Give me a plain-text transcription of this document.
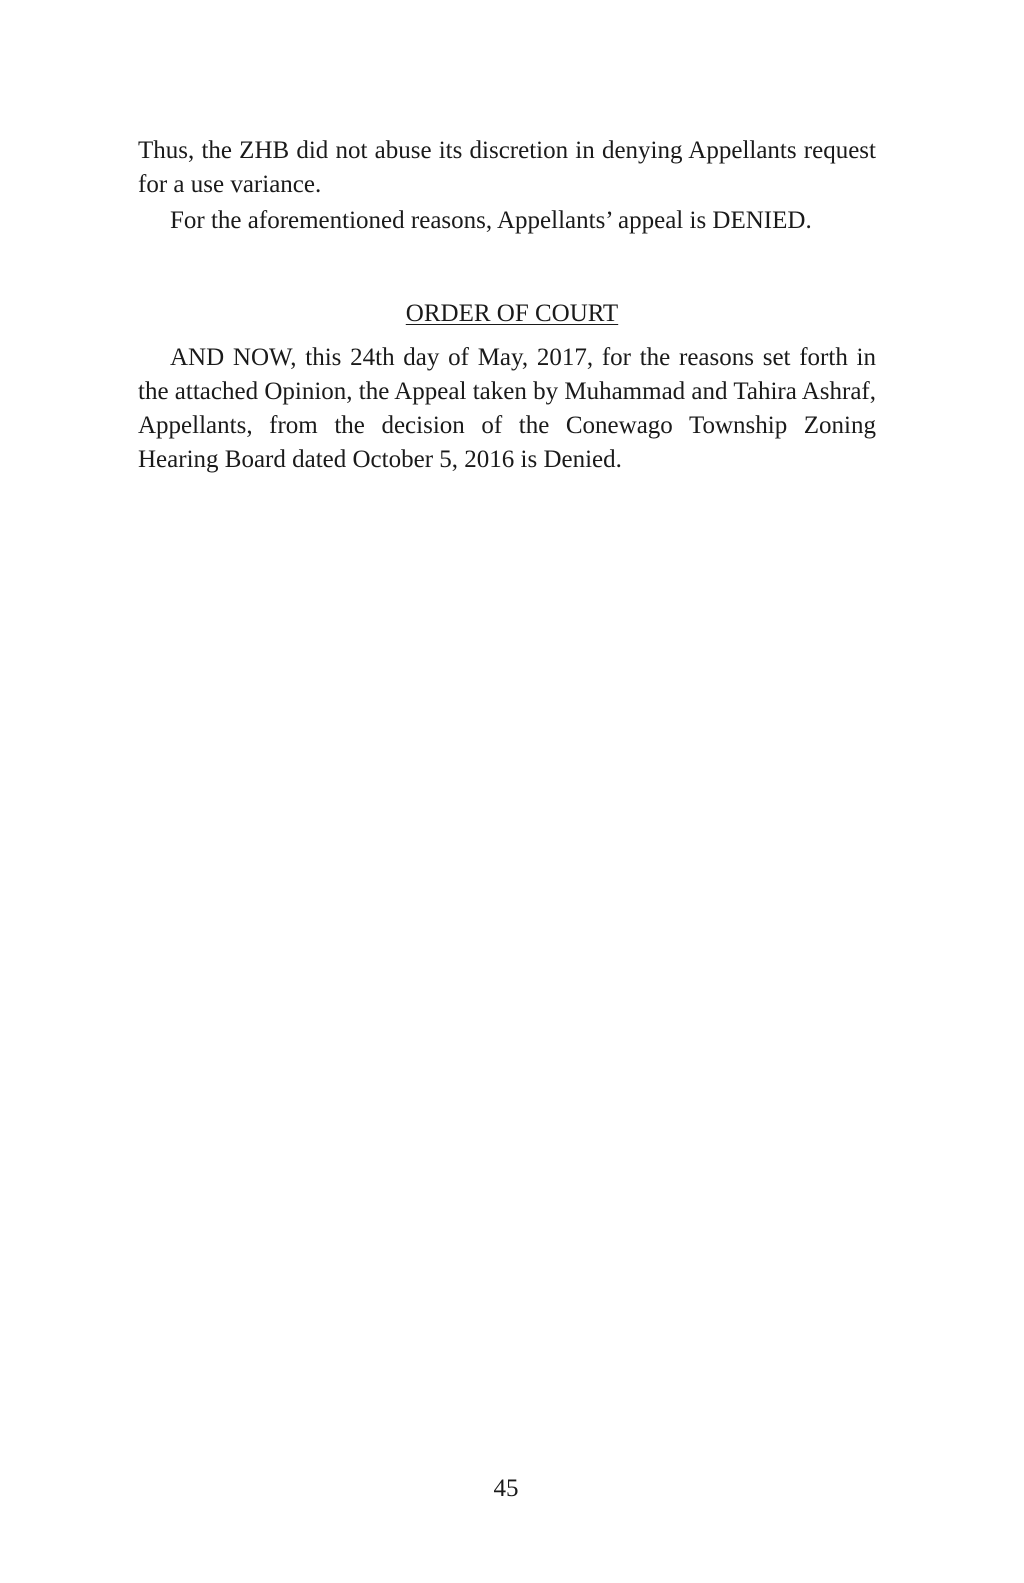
Thus, the ZHB did not abuse its discretion in denying Appellants request for a use variance.

For the aforementioned reasons, Appellants’ appeal is DENIED.

ORDER OF COURT

AND NOW, this 24th day of May, 2017, for the reasons set forth in the attached Opinion, the Appeal taken by Muhammad and Tahira Ashraf, Appellants, from the decision of the Conewago Township Zoning Hearing Board dated October 5, 2016 is Denied.

45
